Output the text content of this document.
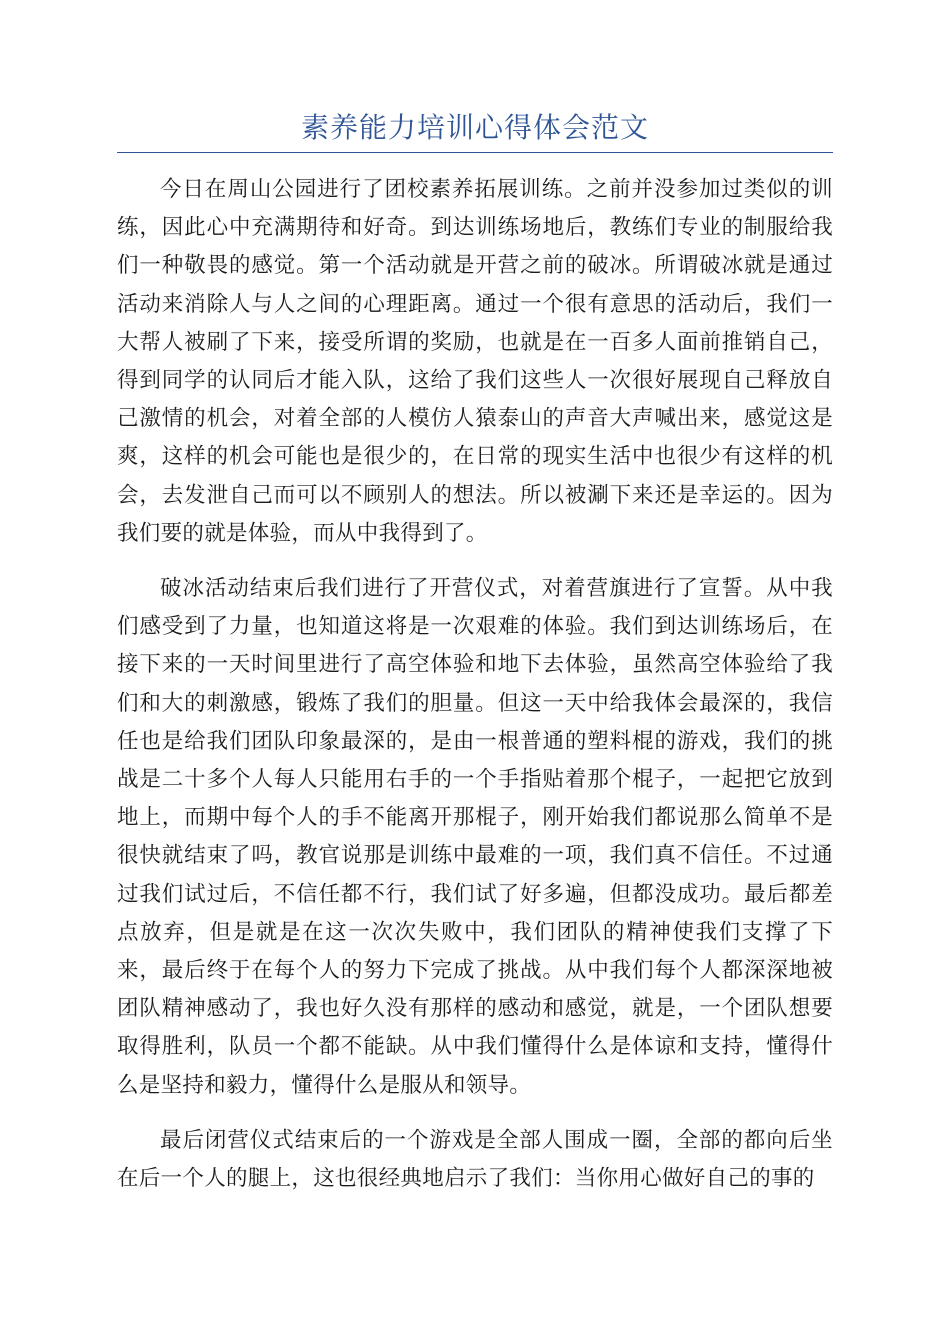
素养能力培训心得体会范文

今日在周山公园进行了团校素养拓展训练。之前并没参加过类似的训练，因此心中充满期待和好奇。到达训练场地后，教练们专业的制服给我们一种敬畏的感觉。第一个活动就是开营之前的破冰。所谓破冰就是通过活动来消除人与人之间的心理距离。通过一个很有意思的活动后，我们一大帮人被刷了下来，接受所谓的奖励，也就是在一百多人面前推销自己，得到同学的认同后才能入队，这给了我们这些人一次很好展现自己释放自己激情的机会，对着全部的人模仿人猿泰山的声音大声喊出来，感觉这是爽，这样的机会可能也是很少的，在日常的现实生活中也很少有这样的机会，去发泄自己而可以不顾别人的想法。所以被涮下来还是幸运的。因为我们要的就是体验，而从中我得到了。

破冰活动结束后我们进行了开营仪式，对着营旗进行了宣誓。从中我们感受到了力量，也知道这将是一次艰难的体验。我们到达训练场后，在接下来的一天时间里进行了高空体验和地下去体验，虽然高空体验给了我们和大的刺激感，锻炼了我们的胆量。但这一天中给我体会最深的，我信任也是给我们团队印象最深的，是由一根普通的塑料棍的游戏，我们的挑战是二十多个人每人只能用右手的一个手指贴着那个棍子，一起把它放到地上，而期中每个人的手不能离开那棍子，刚开始我们都说那么简单不是很快就结束了吗，教官说那是训练中最难的一项，我们真不信任。不过通过我们试过后，不信任都不行，我们试了好多遍，但都没成功。最后都差点放弃，但是就是在这一次次失败中，我们团队的精神使我们支撑了下来，最后终于在每个人的努力下完成了挑战。从中我们每个人都深深地被团队精神感动了，我也好久没有那样的感动和感觉，就是，一个团队想要取得胜利，队员一个都不能缺。从中我们懂得什么是体谅和支持，懂得什么是坚持和毅力，懂得什么是服从和领导。

最后闭营仪式结束后的一个游戏是全部人围成一圈，全部的都向后坐在后一个人的腿上，这也很经典地启示了我们：当你用心做好自己的事的
